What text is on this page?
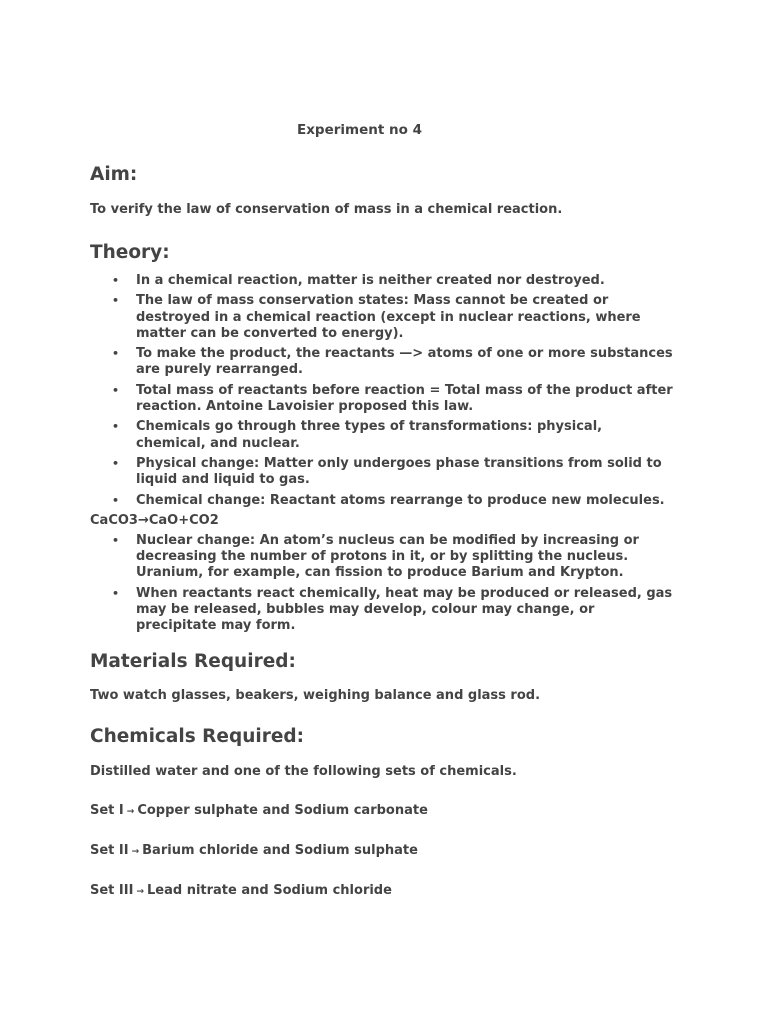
Experiment no 4
Aim:

To verify the law of conservation of mass in a chemical reaction.

Theory:
• In a chemical reaction, matter is neither created nor destroyed.
• The law of mass conservation states: Mass cannot be created or destroyed in a chemical reaction (except in nuclear reactions, where matter can be converted to energy).
• To make the product, the reactants —> atoms of one or more substances are purely rearranged.
• Total mass of reactants before reaction = Total mass of the product after reaction. Antoine Lavoisier proposed this law.
• Chemicals go through three types of transformations: physical, chemical, and nuclear.
• Physical change: Matter only undergoes phase transitions from solid to liquid and liquid to gas.
• Chemical change: Reactant atoms rearrange to produce new molecules.
CaCO3→CaO+CO2
• Nuclear change: An atom’s nucleus can be modified by increasing or decreasing the number of protons in it, or by splitting the nucleus. Uranium, for example, can fission to produce Barium and Krypton.
• When reactants react chemically, heat may be produced or released, gas may be released, bubbles may develop, colour may change, or precipitate may form.
Materials Required:

Two watch glasses, beakers, weighing balance and glass rod.

Chemicals Required:

Distilled water and one of the following sets of chemicals.

Set I → Copper sulphate and Sodium carbonate

Set II → Barium chloride and Sodium sulphate

Set III → Lead nitrate and Sodium chloride
